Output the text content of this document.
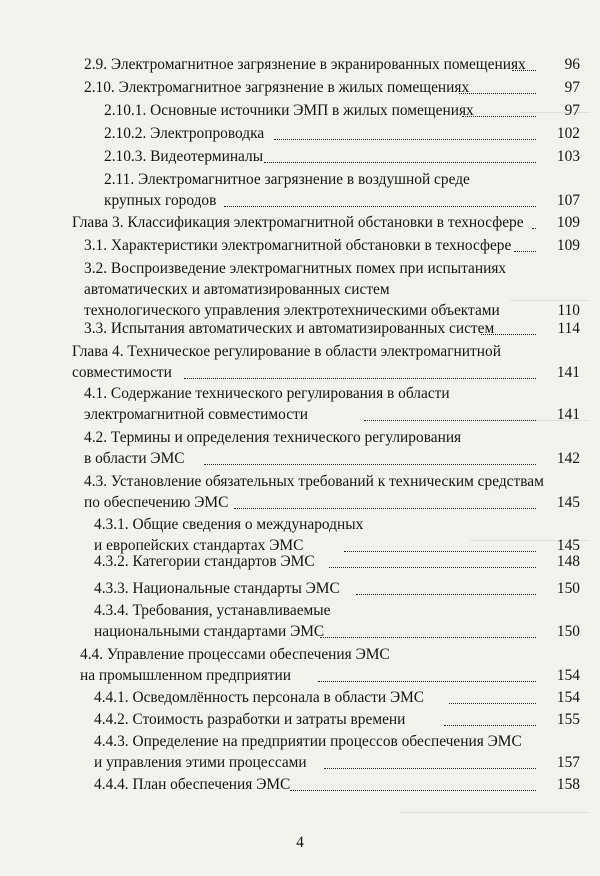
2.9. Электромагнитное загрязнение в экранированных помещениях	96
2.10. Электромагнитное загрязнение в жилых помещениях	97
2.10.1. Основные источники ЭМП в жилых помещениях	97
2.10.2. Электропроводка	102
2.10.3. Видеотерминалы	103
2.11. Электромагнитное загрязнение в воздушной среде
крупных городов	107
Глава 3. Классификация электромагнитной обстановки в техносфере	109
3.1. Характеристики электромагнитной обстановки в техносфере	109
3.2. Воспроизведение электромагнитных помех при испытаниях
автоматических и автоматизированных систем
технологического управления электротехническими объектами	110
3.3. Испытания автоматических и автоматизированных систем	114
Глава 4. Техническое регулирование в области электромагнитной
совместимости	141
4.1. Содержание технического регулирования в области
электромагнитной совместимости	141
4.2. Термины и определения технического регулирования
в области ЭМС	142
4.3. Установление обязательных требований к техническим средствам
по обеспечению ЭМС	145
4.3.1. Общие сведения о международных
и европейских стандартах ЭМС	145
4.3.2. Категории стандартов ЭМС	148
4.3.3. Национальные стандарты ЭМС	150
4.3.4. Требования, устанавливаемые
национальными стандартами ЭМС	150
4.4. Управление процессами обеспечения ЭМС
на промышленном предприятии	154
4.4.1. Осведомлённость персонала в области ЭМС	154
4.4.2. Стоимость разработки и затраты времени	155
4.4.3. Определение на предприятии процессов обеспечения ЭМС
и управления этими процессами	157
4.4.4. План обеспечения ЭМС	158
4
